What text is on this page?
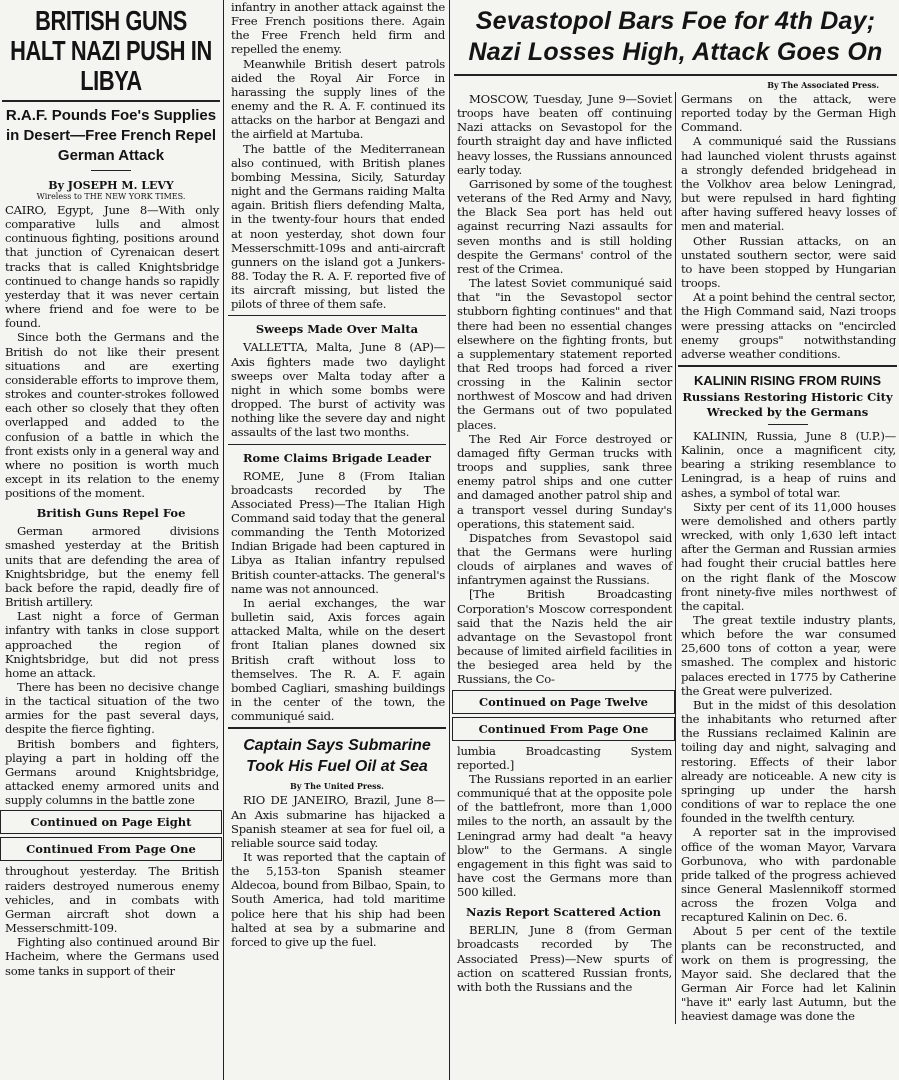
BRITISH GUNS HALT NAZI PUSH IN LIBYA
R.A.F. Pounds Foe's Supplies in Desert—Free French Repel German Attack
By JOSEPH M. LEVY
Wireless to THE NEW YORK TIMES.

CAIRO, Egypt, June 8—With only comparative lulls and almost continuous fighting, positions around that junction of Cyrenaican desert tracks that is called Knightsbridge continued to change hands so rapidly yesterday that it was never certain where friend and foe were to be found.

Since both the Germans and the British do not like their present situations and are exerting considerable efforts to improve them, strokes and counter-strokes followed each other so closely that they often overlapped and added to the confusion of a battle in which the front exists only in a general way and where no position is worth much except in its relation to the enemy positions of the moment.

British Guns Repel Foe

German armored divisions smashed yesterday at the British units that are defending the area of Knightsbridge, but the enemy fell back before the rapid, deadly fire of British artillery.

Last night a force of German infantry with tanks in close support approached the region of Knightsbridge, but did not press home an attack.

There has been no decisive change in the tactical situation of the two armies for the past several days, despite the fierce fighting.

British bombers and fighters, playing a part in holding off the Germans around Knightsbridge, attacked enemy armored units and supply columns in the battle zone

Continued on Page Eight
Continued From Page One

throughout yesterday. The British raiders destroyed numerous enemy vehicles, and in combats with German aircraft shot down a Messerschmitt-109.

Fighting also continued around Bir Hacheim, where the Germans used some tanks in support of their

infantry in another attack against the Free French positions there. Again the Free French held firm and repelled the enemy.

Meanwhile British desert patrols aided the Royal Air Force in harassing the supply lines of the enemy and the R. A. F. continued its attacks on the harbor at Bengazi and the airfield at Martuba.

The battle of the Mediterranean also continued, with British planes bombing Messina, Sicily, Saturday night and the Germans raiding Malta again. British fliers defending Malta, in the twenty-four hours that ended at noon yesterday, shot down four Messerschmitt-109s and anti-aircraft gunners on the island got a Junkers-88. Today the R. A. F. reported five of its aircraft missing, but listed the pilots of three of them safe.

Sweeps Made Over Malta

VALLETTA, Malta, June 8 (AP)—Axis fighters made two daylight sweeps over Malta today after a night in which some bombs were dropped. The burst of activity was nothing like the severe day and night assaults of the last two months.

Rome Claims Brigade Leader

ROME, June 8 (From Italian broadcasts recorded by The Associated Press)—The Italian High Command said today that the general commanding the Tenth Motorized Indian Brigade had been captured in Libya as Italian infantry repulsed British counter-attacks. The general's name was not announced.

In aerial exchanges, the war bulletin said, Axis forces again attacked Malta, while on the desert front Italian planes downed six British craft without loss to themselves. The R. A. F. again bombed Cagliari, smashing buildings in the center of the town, the communiqué said.

Captain Says Submarine Took His Fuel Oil at Sea
By The United Press.

RIO DE JANEIRO, Brazil, June 8—An Axis submarine has hijacked a Spanish steamer at sea for fuel oil, a reliable source said today.

It was reported that the captain of the 5,153-ton Spanish steamer Aldecoa, bound from Bilbao, Spain, to South America, had told maritime police here that his ship had been halted at sea by a submarine and forced to give up the fuel.

Sevastopol Bars Foe for 4th Day; Nazi Losses High, Attack Goes On
By The Associated Press.

MOSCOW, Tuesday, June 9—Soviet troops have beaten off continuing Nazi attacks on Sevastopol for the fourth straight day and have inflicted heavy losses, the Russians announced early today.

Garrisoned by some of the toughest veterans of the Red Army and Navy, the Black Sea port has held out against recurring Nazi assaults for seven months and is still holding despite the Germans' control of the rest of the Crimea.

The latest Soviet communiqué said that "in the Sevastopol sector stubborn fighting continues" and that there had been no essential changes elsewhere on the fighting fronts, but a supplementary statement reported that Red troops had forced a river crossing in the Kalinin sector northwest of Moscow and had driven the Germans out of two populated places.

The Red Air Force destroyed or damaged fifty German trucks with troops and supplies, sank three enemy patrol ships and one cutter and damaged another patrol ship and a transport vessel during Sunday's operations, this statement said.

Dispatches from Sevastopol said that the Germans were hurling clouds of airplanes and waves of infantrymen against the Russians.

[The British Broadcasting Corporation's Moscow correspondent said that the Nazis held the air advantage on the Sevastopol front because of limited airfield facilities in the besieged area held by the Russians, the Co-

Continued on Page Twelve
Continued From Page One

lumbia Broadcasting System reported.]

The Russians reported in an earlier communiqué that at the opposite pole of the battlefront, more than 1,000 miles to the north, an assault by the Leningrad army had dealt "a heavy blow" to the Germans. A single engagement in this fight was said to have cost the Germans more than 500 killed.

Nazis Report Scattered Action

BERLIN, June 8 (from German broadcasts recorded by The Associated Press)—New spurts of action on scattered Russian fronts, with both the Russians and the

Germans on the attack, were reported today by the German High Command.

A communiqué said the Russians had launched violent thrusts against a strongly defended bridgehead in the Volkhov area below Leningrad, but were repulsed in hard fighting after having suffered heavy losses of men and material.

Other Russian attacks, on an unstated southern sector, were said to have been stopped by Hungarian troops.

At a point behind the central sector, the High Command said, Nazi troops were pressing attacks on "encircled enemy groups" notwithstanding adverse weather conditions.

KALININ RISING FROM RUINS
Russians Restoring Historic City Wrecked by the Germans

KALININ, Russia, June 8 (U.P.)—Kalinin, once a magnificent city, bearing a striking resemblance to Leningrad, is a heap of ruins and ashes, a symbol of total war.

Sixty per cent of its 11,000 houses were demolished and others partly wrecked, with only 1,630 left intact after the German and Russian armies had fought their crucial battles here on the right flank of the Moscow front ninety-five miles northwest of the capital.

The great textile industry plants, which before the war consumed 25,600 tons of cotton a year, were smashed. The complex and historic palaces erected in 1775 by Catherine the Great were pulverized.

But in the midst of this desolation the inhabitants who returned after the Russians reclaimed Kalinin are toiling day and night, salvaging and restoring. Effects of their labor already are noticeable. A new city is springing up under the harsh conditions of war to replace the one founded in the twelfth century.

A reporter sat in the improvised office of the woman Mayor, Varvara Gorbunova, who with pardonable pride talked of the progress achieved since General Maslennikoff stormed across the frozen Volga and recaptured Kalinin on Dec. 6.

About 5 per cent of the textile plants can be reconstructed, and work on them is progressing, the Mayor said. She declared that the German Air Force had let Kalinin "have it" early last Autumn, but the heaviest damage was done the
